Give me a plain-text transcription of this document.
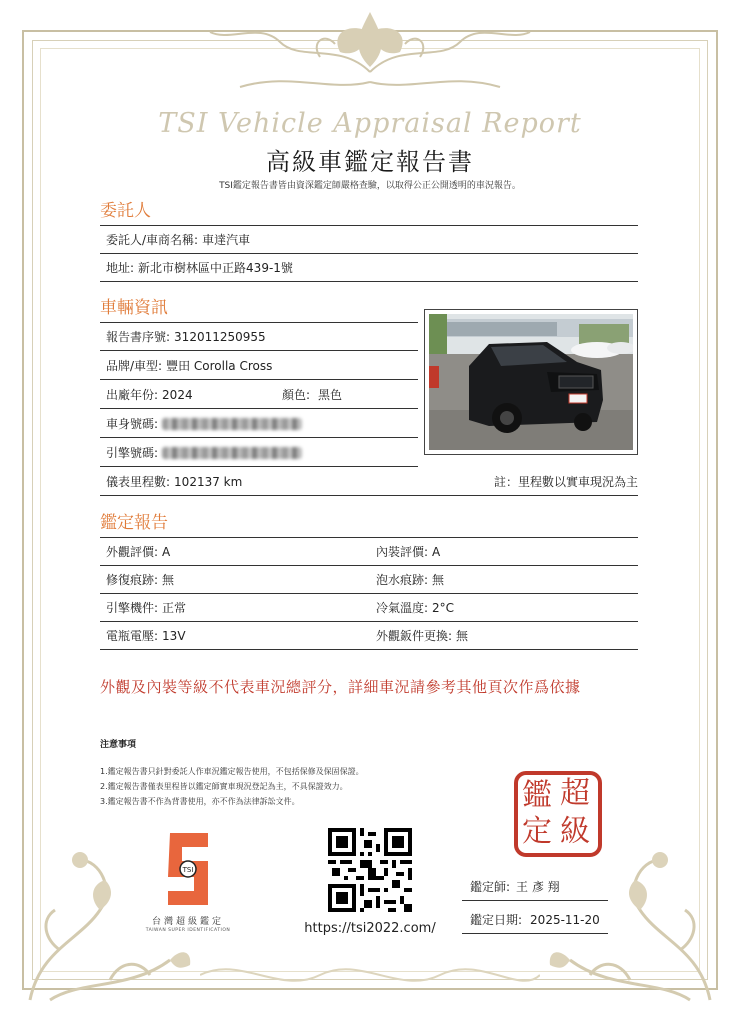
TSI Vehicle Appraisal Report
高級車鑑定報告書
TSI鑑定報告書皆由資深鑑定師嚴格查驗，以取得公正公開透明的車況報告。
委託人
委託人/車商名稱: 車達汽車
地址: 新北市樹林區中正路439-1號
車輛資訊
報告書序號: 312011250955
品牌/車型: 豐田 Corolla Cross
出廠年份: 2024	顏色: 黑色
車身號碼:
引擎號碼:
儀表里程數: 102137 km	註：里程數以實車現況為主
鑑定報告
外觀評價: A	內裝評價: A
修復痕跡: 無	泡水痕跡: 無
引擎機件: 正常	冷氣溫度: 2°C
電瓶電壓: 13V	外觀鈑件更換: 無
外觀及內裝等級不代表車況總評分，詳細車況請參考其他頁次作爲依據
注意事項
1.鑑定報告書只針對委託人作車況鑑定報告使用，不包括保修及保固保證。
2.鑑定報告書僅表里程皆以鑑定師實車現況登記為主，不具保證效力。
3.鑑定報告書不作為背書使用，亦不作為法律訴訟文件。	鑑 超
定 級
TSI
台灣超級鑑定
TAIWAN SUPER IDENTIFICATION	https://tsi2022.com/
鑑定師: 王 彥 翔
鑑定日期: 2025-11-20
